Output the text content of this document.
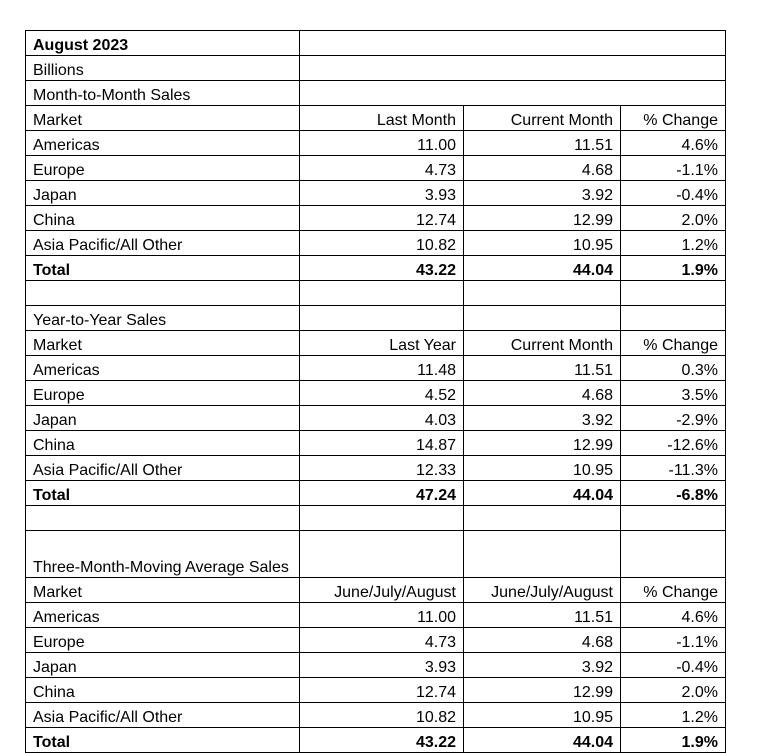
August 2023			
Billions			
Month-to-Month Sales			
Market	Last Month	Current Month	% Change
Americas	11.00	11.51	4.6%
Europe	4.73	4.68	-1.1%
Japan	3.93	3.92	-0.4%
China	12.74	12.99	2.0%
Asia Pacific/All Other	10.82	10.95	1.2%
Total	43.22	44.04	1.9%

Year-to-Year Sales			
Market	Last Year	Current Month	% Change
Americas	11.48	11.51	0.3%
Europe	4.52	4.68	3.5%
Japan	4.03	3.92	-2.9%
China	14.87	12.99	-12.6%
Asia Pacific/All Other	12.33	10.95	-11.3%
Total	47.24	44.04	-6.8%

Three-Month-Moving Average Sales			
Market	June/July/August	June/July/August	% Change
Americas	11.00	11.51	4.6%
Europe	4.73	4.68	-1.1%
Japan	3.93	3.92	-0.4%
China	12.74	12.99	2.0%
Asia Pacific/All Other	10.82	10.95	1.2%
Total	43.22	44.04	1.9%
